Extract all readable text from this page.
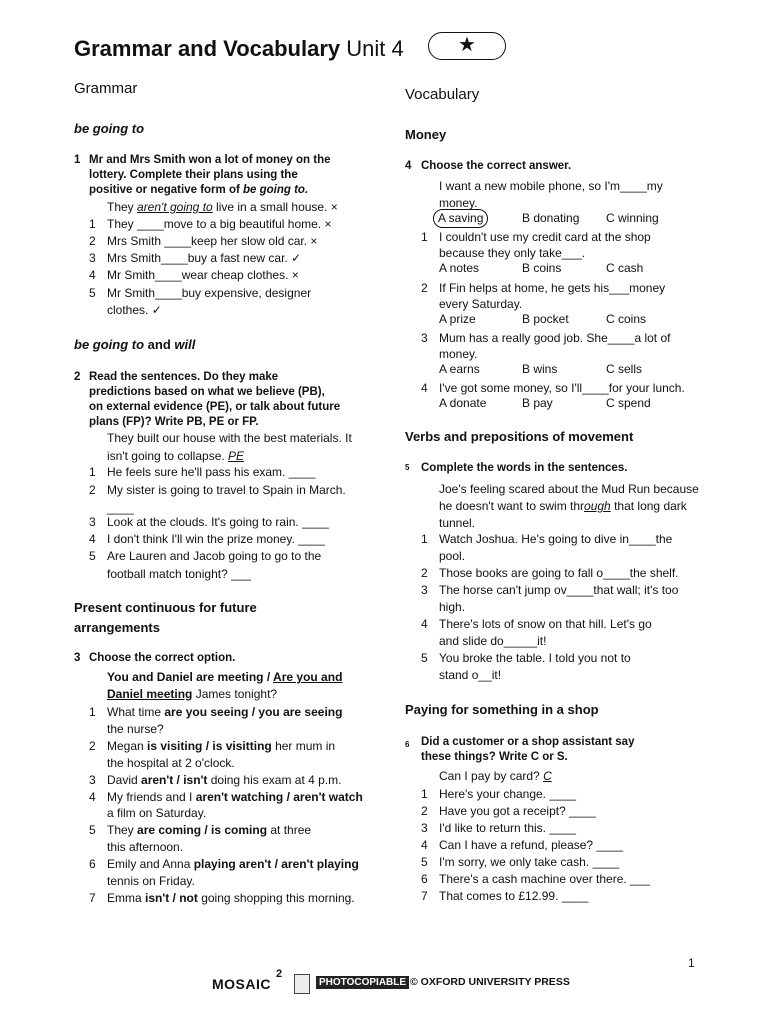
Grammar and Vocabulary Unit 4	★
Grammar
be going to
1 Mr and Mrs Smith won a lot of money on the
lottery. Complete their plans using the
positive or negative form of be going to.
They aren't going to live in a small house. ×
1 They ____move to a big beautiful home. ×
2 Mrs Smith ____keep her slow old car. ×
3 Mrs Smith____buy a fast new car. ✓
4 Mr Smith____wear cheap clothes. ×
5 Mr Smith____buy expensive, designer
clothes. ✓
be going to and will
2 Read the sentences. Do they make
predictions based on what we believe (PB),
on external evidence (PE), or talk about future
plans (FP)? Write PB, PE or FP.
They built our house with the best materials. It
isn't going to collapse. PE
1 He feels sure he'll pass his exam. ____
2 My sister is going to travel to Spain in March.
____
3 Look at the clouds. It's going to rain. ____
4 I don't think I'll win the prize money. ____
5 Are Lauren and Jacob going to go to the
football match tonight? ___
Present continuous for future
arrangements
3 Choose the correct option.
You and Daniel are meeting / Are you and
Daniel meeting James tonight?
1 What time are you seeing / you are seeing
the nurse?
2 Megan is visiting / is visitting her mum in
the hospital at 2 o'clock.
3 David aren't / isn't doing his exam at 4 p.m.
4 My friends and I aren't watching / aren't watch
a film on Saturday.
5 They are coming / is coming at three
this afternoon.
6 Emily and Anna playing aren't / aren't playing
tennis on Friday.
7 Emma isn't / not going shopping this morning.
Vocabulary
Money
4 Choose the correct answer.
I want a new mobile phone, so I'm____my
money.
A saving	B donating C winning
1 I couldn't use my credit card at the shop
because they only take___.
A notes	B coins	C cash
2 If Fin helps at home, he gets his___money
every Saturday.
A prize	B pocket	C coins
3 Mum has a really good job. She____a lot of
money.
A earns	B wins	C sells
4 I've got some money, so I'll____for your lunch.
A donate	B pay	C spend
Verbs and prepositions of movement
5 Complete the words in the sentences.
Joe's feeling scared about the Mud Run because
he doesn't want to swim through that long dark
tunnel.
1 Watch Joshua. He's going to dive in____the
pool.
2 Those books are going to fall o____the shelf.
3 The horse can't jump ov____that wall; it's too
high.
4 There's lots of snow on that hill. Let's go
and slide do_____it!
5 You broke the table. I told you not to
stand o__it!
Paying for something in a shop
6 Did a customer or a shop assistant say
these things? Write C or S.
Can I pay by card? C
1 Here's your change. ____
2 Have you got a receipt? ____
3 I'd like to return this. ____
4 Can I have a refund, please? ____
5 I'm sorry, we only take cash. ____
6 There's a cash machine over there. ___
7 That comes to £12.99. ____
1
MOSAIC
2
PHOTOCOPIABLE © OXFORD UNIVERSITY PRESS
